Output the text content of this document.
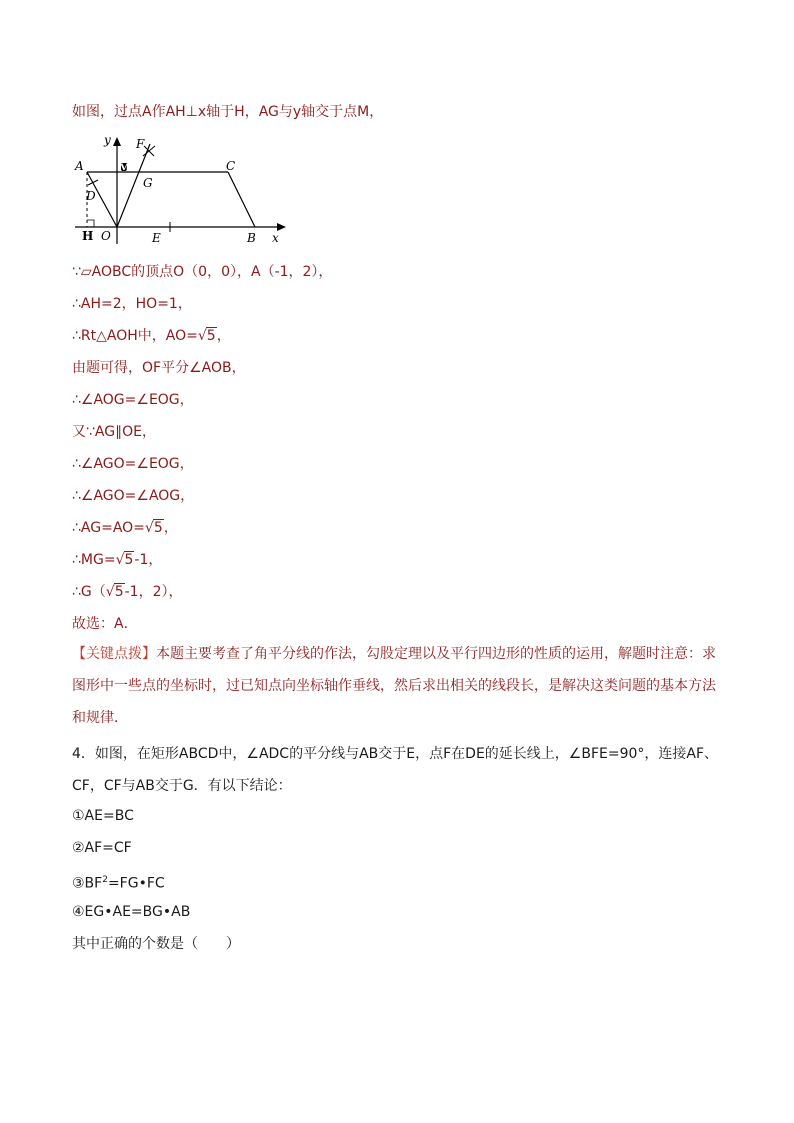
如图，过点A作AH⊥x轴于H，AG与y轴交于点M，
y F
A	C
M
G
D
H O	E	B x
∵▱AOBC的顶点O（0，0），A（-1，2），
∴AH=2，HO=1，
∴Rt△AOH中，AO=√5，
由题可得，OF平分∠AOB，
∴∠AOG=∠EOG，
又∵AG∥OE，
∴∠AGO=∠EOG，
∴∠AGO=∠AOG，
∴AG=AO=√5，
∴MG=√5-1，
∴G（√5-1，2），
故选：A．
【关键点拨】本题主要考查了角平分线的作法，勾股定理以及平行四边形的性质的运用，解题时注意：求图形中一些点的坐标时，过已知点向坐标轴作垂线，然后求出相关的线段长，是解决这类问题的基本方法和规律．
4．如图，在矩形ABCD中，∠ADC的平分线与AB交于E，点F在DE的延长线上，∠BFE=90°，连接AF、CF，CF与AB交于G．有以下结论：
①AE=BC
②AF=CF
$③BF^2=FG•FC$
④EG•AE=BG•AB
其中正确的个数是（　　）
